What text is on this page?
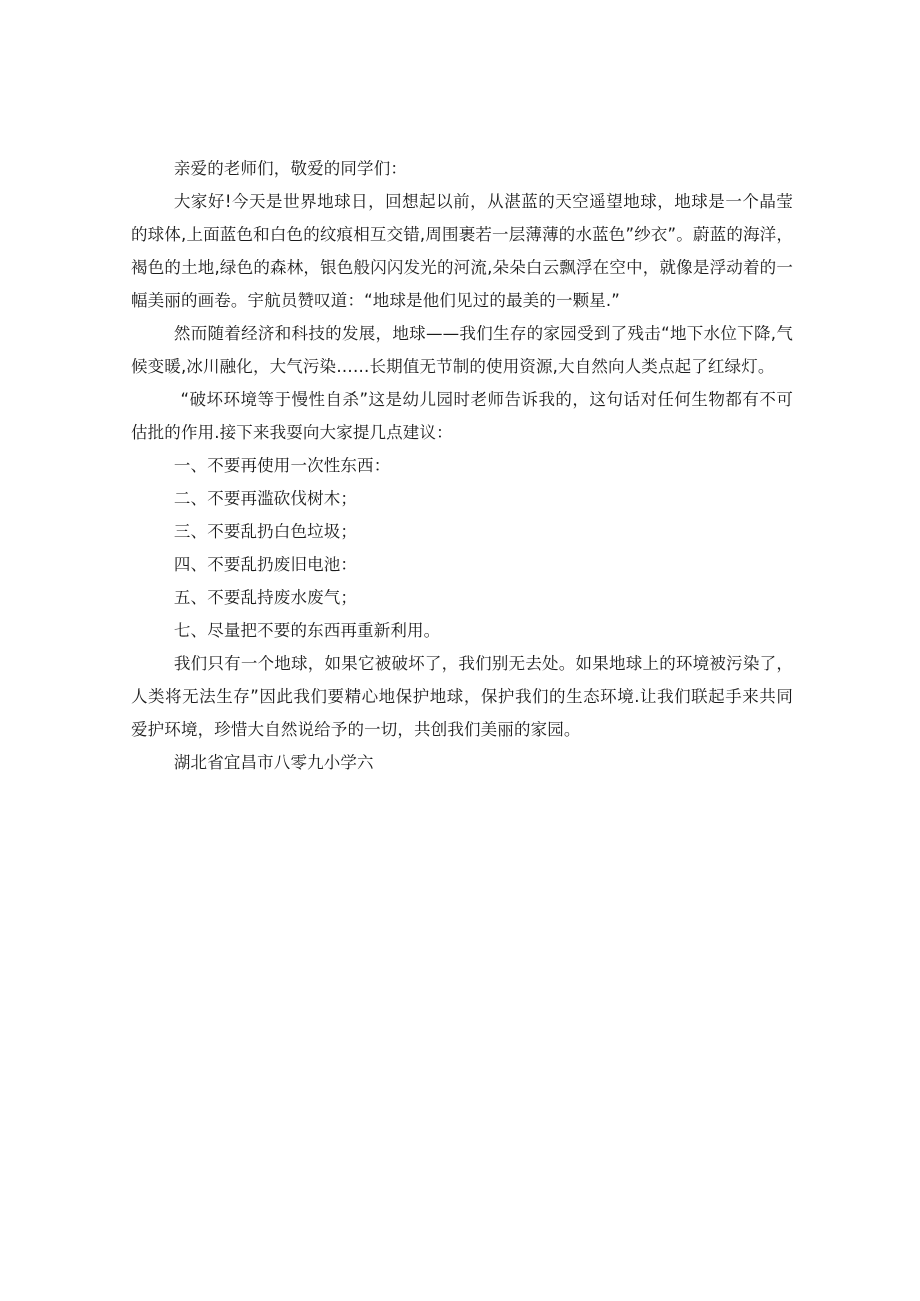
亲爱的老师们，敬爱的同学们：

大家好!今天是世界地球日，回想起以前，从湛蓝的天空遥望地球，地球是一个晶莹的球体,上面蓝色和白色的纹痕相互交错,周围裹若一层薄薄的水蓝色”纱衣”。蔚蓝的海洋，褐色的土地,绿色的森林，银色般闪闪发光的河流,朵朵白云飘浮在空中，就像是浮动着的一幅美丽的画卷。宇航员赞叹道：“地球是他们见过的最美的一颗星.”

然而随着经济和科技的发展，地球——我们生存的家园受到了残击“地下水位下降,气候变暖,冰川融化，大气污染……长期值无节制的使用资源,大自然向人类点起了红绿灯。

“破坏环境等于慢性自杀”这是幼儿园时老师告诉我的，这句话对任何生物都有不可估批的作用.接下来我耍向大家提几点建议：

一、不要再使用一次性东西：

二、不要再滥砍伐树木；

三、不要乱扔白色垃圾；

四、不要乱扔废旧电池：

五、不要乱持废水废气；

七、尽量把不要的东西再重新利用。

我们只有一个地球，如果它被破坏了，我们别无去处。如果地球上的环境被污染了，人类将无法生存”因此我们要精心地保护地球，保护我们的生态环境.让我们联起手来共同爱护环境，珍惜大自然说给予的一切，共创我们美丽的家园。

湖北省宜昌市八零九小学六
